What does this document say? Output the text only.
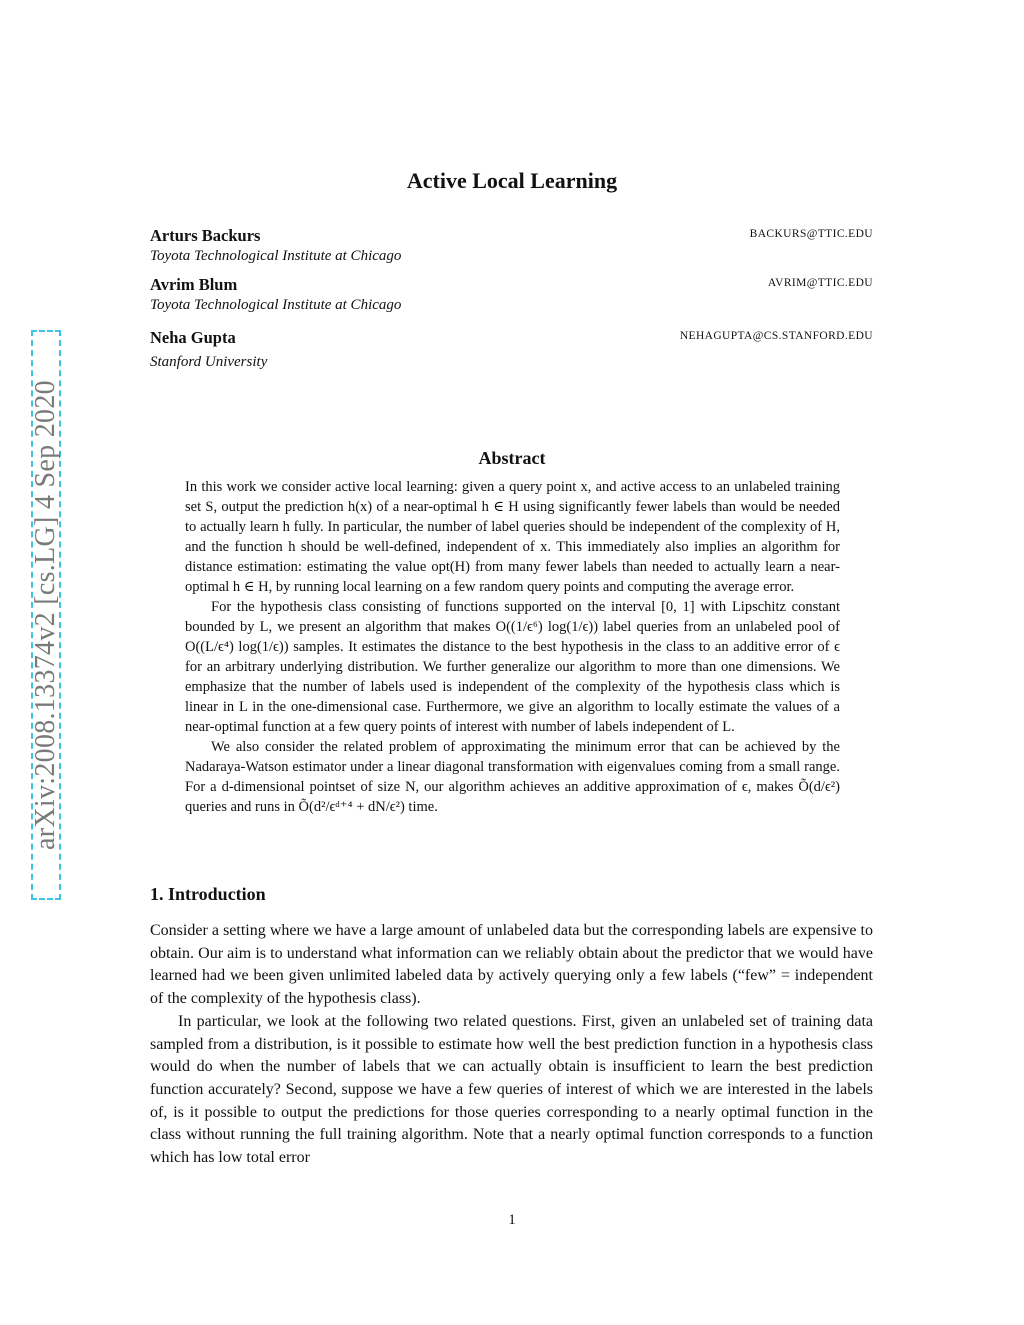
arXiv:2008.13374v2 [cs.LG] 4 Sep 2020
Active Local Learning
Arturs Backurs
Toyota Technological Institute at Chicago
BACKURS@TTIC.EDU
Avrim Blum
Toyota Technological Institute at Chicago
AVRIM@TTIC.EDU
Neha Gupta
Stanford University
NEHAGUPTA@CS.STANFORD.EDU
Abstract

In this work we consider active local learning: given a query point x, and active access to an unlabeled training set S, output the prediction h(x) of a near-optimal h ∈ H using significantly fewer labels than would be needed to actually learn h fully. In particular, the number of label queries should be independent of the complexity of H, and the function h should be well-defined, independent of x. This immediately also implies an algorithm for distance estimation: estimating the value opt(H) from many fewer labels than needed to actually learn a near-optimal h ∈ H, by running local learning on a few random query points and computing the average error.

For the hypothesis class consisting of functions supported on the interval [0, 1] with Lipschitz constant bounded by L, we present an algorithm that makes O((1/ϵ⁶) log(1/ϵ)) label queries from an unlabeled pool of O((L/ϵ⁴) log(1/ϵ)) samples. It estimates the distance to the best hypothesis in the class to an additive error of ϵ for an arbitrary underlying distribution. We further generalize our algorithm to more than one dimensions. We emphasize that the number of labels used is independent of the complexity of the hypothesis class which is linear in L in the one-dimensional case. Furthermore, we give an algorithm to locally estimate the values of a near-optimal function at a few query points of interest with number of labels independent of L.

We also consider the related problem of approximating the minimum error that can be achieved by the Nadaraya-Watson estimator under a linear diagonal transformation with eigenvalues coming from a small range. For a d-dimensional pointset of size N, our algorithm achieves an additive approximation of ϵ, makes Õ(d/ϵ²) queries and runs in Õ(d²/ϵᵈ⁺⁴ + dN/ϵ²) time.

1. Introduction

Consider a setting where we have a large amount of unlabeled data but the corresponding labels are expensive to obtain. Our aim is to understand what information can we reliably obtain about the predictor that we would have learned had we been given unlimited labeled data by actively querying only a few labels (“few” = independent of the complexity of the hypothesis class).

In particular, we look at the following two related questions. First, given an unlabeled set of training data sampled from a distribution, is it possible to estimate how well the best prediction function in a hypothesis class would do when the number of labels that we can actually obtain is insufficient to learn the best prediction function accurately? Second, suppose we have a few queries of interest of which we are interested in the labels of, is it possible to output the predictions for those queries corresponding to a nearly optimal function in the class without running the full training algorithm. Note that a nearly optimal function corresponds to a function which has low total error

1
